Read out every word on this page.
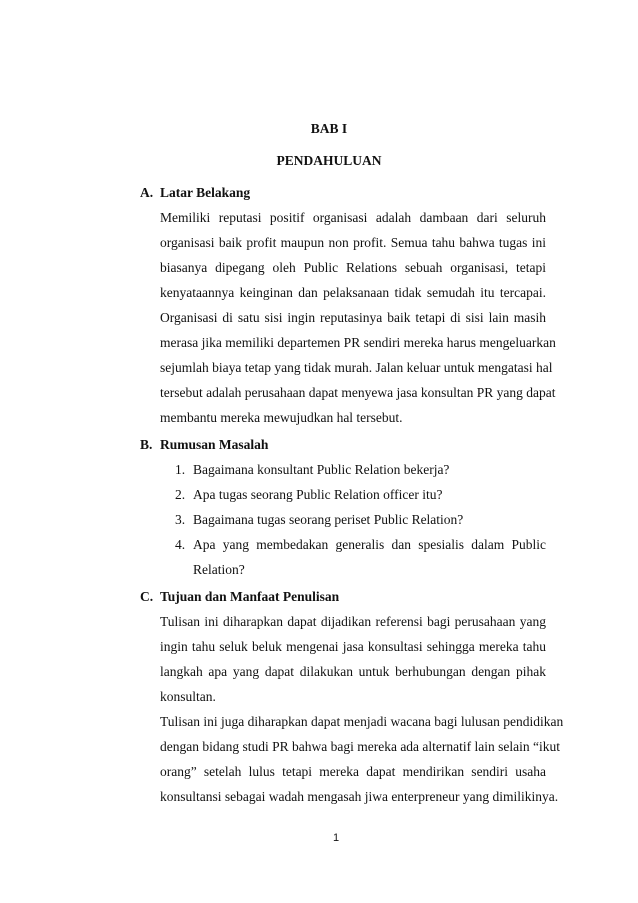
BAB I
PENDAHULUAN
A. Latar Belakang
Memiliki reputasi positif organisasi adalah dambaan dari seluruh
organisasi baik profit maupun non profit. Semua tahu bahwa tugas ini
biasanya dipegang oleh Public Relations sebuah organisasi, tetapi
kenyataannya keinginan dan pelaksanaan tidak semudah itu tercapai.
Organisasi di satu sisi ingin reputasinya baik tetapi di sisi lain masih
merasa jika memiliki departemen PR sendiri mereka harus mengeluarkan
sejumlah biaya tetap yang tidak murah. Jalan keluar untuk mengatasi hal
tersebut adalah perusahaan dapat menyewa jasa konsultan PR yang dapat
membantu mereka mewujudkan hal tersebut.
B. Rumusan Masalah
1. Bagaimana konsultant Public Relation bekerja?
2. Apa tugas seorang Public Relation officer itu?
3. Bagaimana tugas seorang periset Public Relation?
4. Apa yang membedakan generalis dan spesialis dalam Public
Relation?
C. Tujuan dan Manfaat Penulisan
Tulisan ini diharapkan dapat dijadikan referensi bagi perusahaan yang
ingin tahu seluk beluk mengenai jasa konsultasi sehingga mereka tahu
langkah apa yang dapat dilakukan untuk berhubungan dengan pihak
konsultan.
Tulisan ini juga diharapkan dapat menjadi wacana bagi lulusan pendidikan
dengan bidang studi PR bahwa bagi mereka ada alternatif lain selain “ikut
orang” setelah lulus tetapi mereka dapat mendirikan sendiri usaha
konsultansi sebagai wadah mengasah jiwa enterpreneur yang dimilikinya.
1
